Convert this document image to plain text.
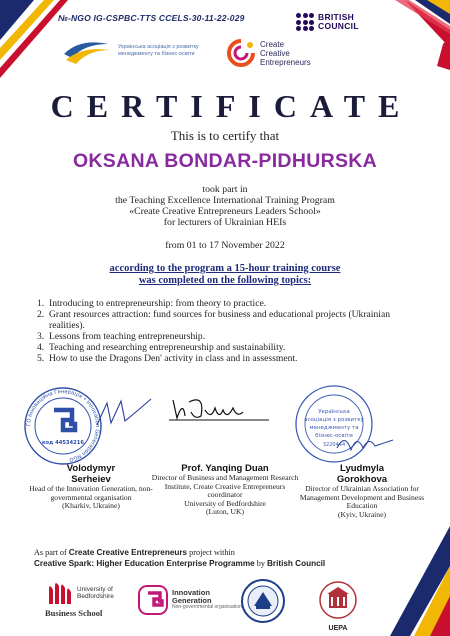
№-NGO IG-CSPBC-TTS CCELS-30-11-22-029	BRITISH
COUNCIL
Українська асоціація з розвитку менеджменту та бізнес-освіти
Create
Creative
Entrepreneurs
CERTIFICATE
This is to certify that
OKSANA BONDAR-PIDHURSKA
took part in
the Teaching Excellence International Training Program
«Create Creative Entrepreneurs Leaders School»
for lecturers of Ukrainian HEIs
from 01 to 17 November 2022
according to the program a 15-hour training course
was completed on the following topics:
1. Introducing to entrepreneurship: from theory to practice.
2. Grant resources attraction: fund sources for business and educational projects (Ukrainian realities).
3. Lessons from teaching entrepreneurship.
4. Teaching and researching entrepreneurship and sustainability.
5. How to use the Dragons Den' activity in class and in assessment.
ГО Інноваційна Генерація • Innovation Generation NGO
код 44534216
Українська
асоціація з розвитку
менеджменту та
бізнес-освіти
3220444
Volodymyr
Serheiev
Head of the Innovation Generation, non-governmental organisation
(Kharkiv, Ukraine)
Prof. Yanqing Duan
Director of Business and Management Research Institute, Create Creative Entrepreneurs coordinator
University of Bedfordshire
(Luton, UK)
Lyudmyla
Gorokhova
Director of Ukrainian Association for Management Development and Business Education
(Kyiv, Ukraine)
As part of Create Creative Entrepreneurs project within
Creative Spark: Higher Education Enterprise Programme by British Council
University of
Bedfordshire
Business School
Innovation
Generation
Non-governmental organisation
UEPA
